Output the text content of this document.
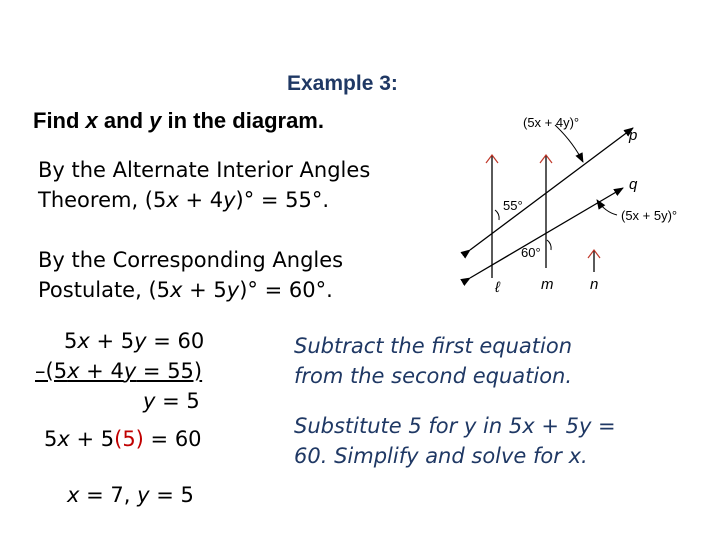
Example 3:
Find x and y in the diagram.
By the Alternate Interior Angles
Theorem, (5x + 4y)° = 55°.
By the Corresponding Angles
Postulate, (5x + 5y)° = 60°.
5x + 5y = 60
–(5x + 4y = 55)
y = 5
5x + 5(5) = 60
x = 7, y = 5
Subtract the first equation
from the second equation.
Substitute 5 for y in 5x + 5y =
60. Simplify and solve for x.
(5x + 4y)°
p
q
(5x + 5y)°
55°
60°
ℓ	m n
